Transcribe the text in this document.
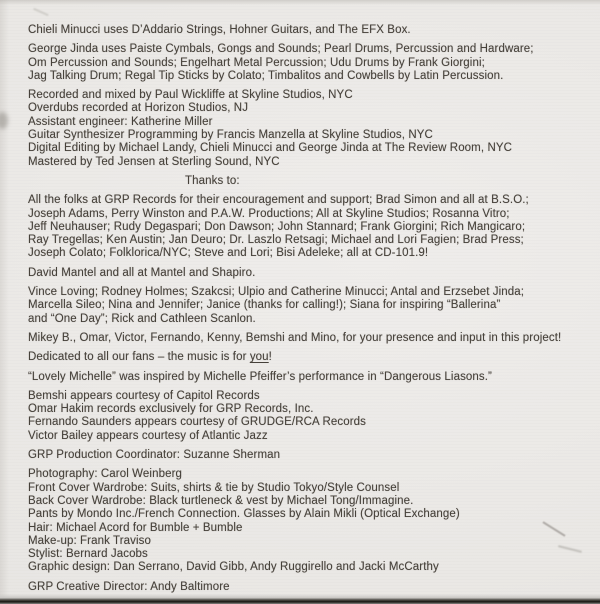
Chieli Minucci uses D’Addario Strings, Hohner Guitars, and The EFX Box.
George Jinda uses Paiste Cymbals, Gongs and Sounds; Pearl Drums, Percussion and Hardware;
Om Percussion and Sounds; Engelhart Metal Percussion; Udu Drums by Frank Giorgini;
Jag Talking Drum; Regal Tip Sticks by Colato; Timbalitos and Cowbells by Latin Percussion.
Recorded and mixed by Paul Wickliffe at Skyline Studios, NYC
Overdubs recorded at Horizon Studios, NJ
Assistant engineer: Katherine Miller
Guitar Synthesizer Programming by Francis Manzella at Skyline Studios, NYC
Digital Editing by Michael Landy, Chieli Minucci and George Jinda at The Review Room, NYC
Mastered by Ted Jensen at Sterling Sound, NYC
Thanks to:
All the folks at GRP Records for their encouragement and support; Brad Simon and all at B.S.O.;
Joseph Adams, Perry Winston and P.A.W. Productions; All at Skyline Studios; Rosanna Vitro;
Jeff Neuhauser; Rudy Degaspari; Don Dawson; John Stannard; Frank Giorgini; Rich Mangicaro;
Ray Tregellas; Ken Austin; Jan Deuro; Dr. Laszlo Retsagi; Michael and Lori Fagien; Brad Press;
Joseph Colato; Folklorica/NYC; Steve and Lori; Bisi Adeleke; all at CD-101.9!
David Mantel and all at Mantel and Shapiro.
Vince Loving; Rodney Holmes; Szakcsi; Ulpio and Catherine Minucci; Antal and Erzsebet Jinda;
Marcella Sileo; Nina and Jennifer; Janice (thanks for calling!); Siana for inspiring “Ballerina”
and “One Day”; Rick and Cathleen Scanlon.
Mikey B., Omar, Victor, Fernando, Kenny, Bemshi and Mino, for your presence and input in this project!
Dedicated to all our fans – the music is for you!
“Lovely Michelle” was inspired by Michelle Pfeiffer’s performance in “Dangerous Liasons.”
Bemshi appears courtesy of Capitol Records
Omar Hakim records exclusively for GRP Records, Inc.
Fernando Saunders appears courtesy of GRUDGE/RCA Records
Victor Bailey appears courtesy of Atlantic Jazz
GRP Production Coordinator: Suzanne Sherman
Photography: Carol Weinberg
Front Cover Wardrobe: Suits, shirts & tie by Studio Tokyo/Style Counsel
Back Cover Wardrobe: Black turtleneck & vest by Michael Tong/Immagine.
Pants by Mondo Inc./French Connection. Glasses by Alain Mikli (Optical Exchange)
Hair: Michael Acord for Bumble + Bumble
Make-up: Frank Traviso
Stylist: Bernard Jacobs
Graphic design: Dan Serrano, David Gibb, Andy Ruggirello and Jacki McCarthy
GRP Creative Director: Andy Baltimore
